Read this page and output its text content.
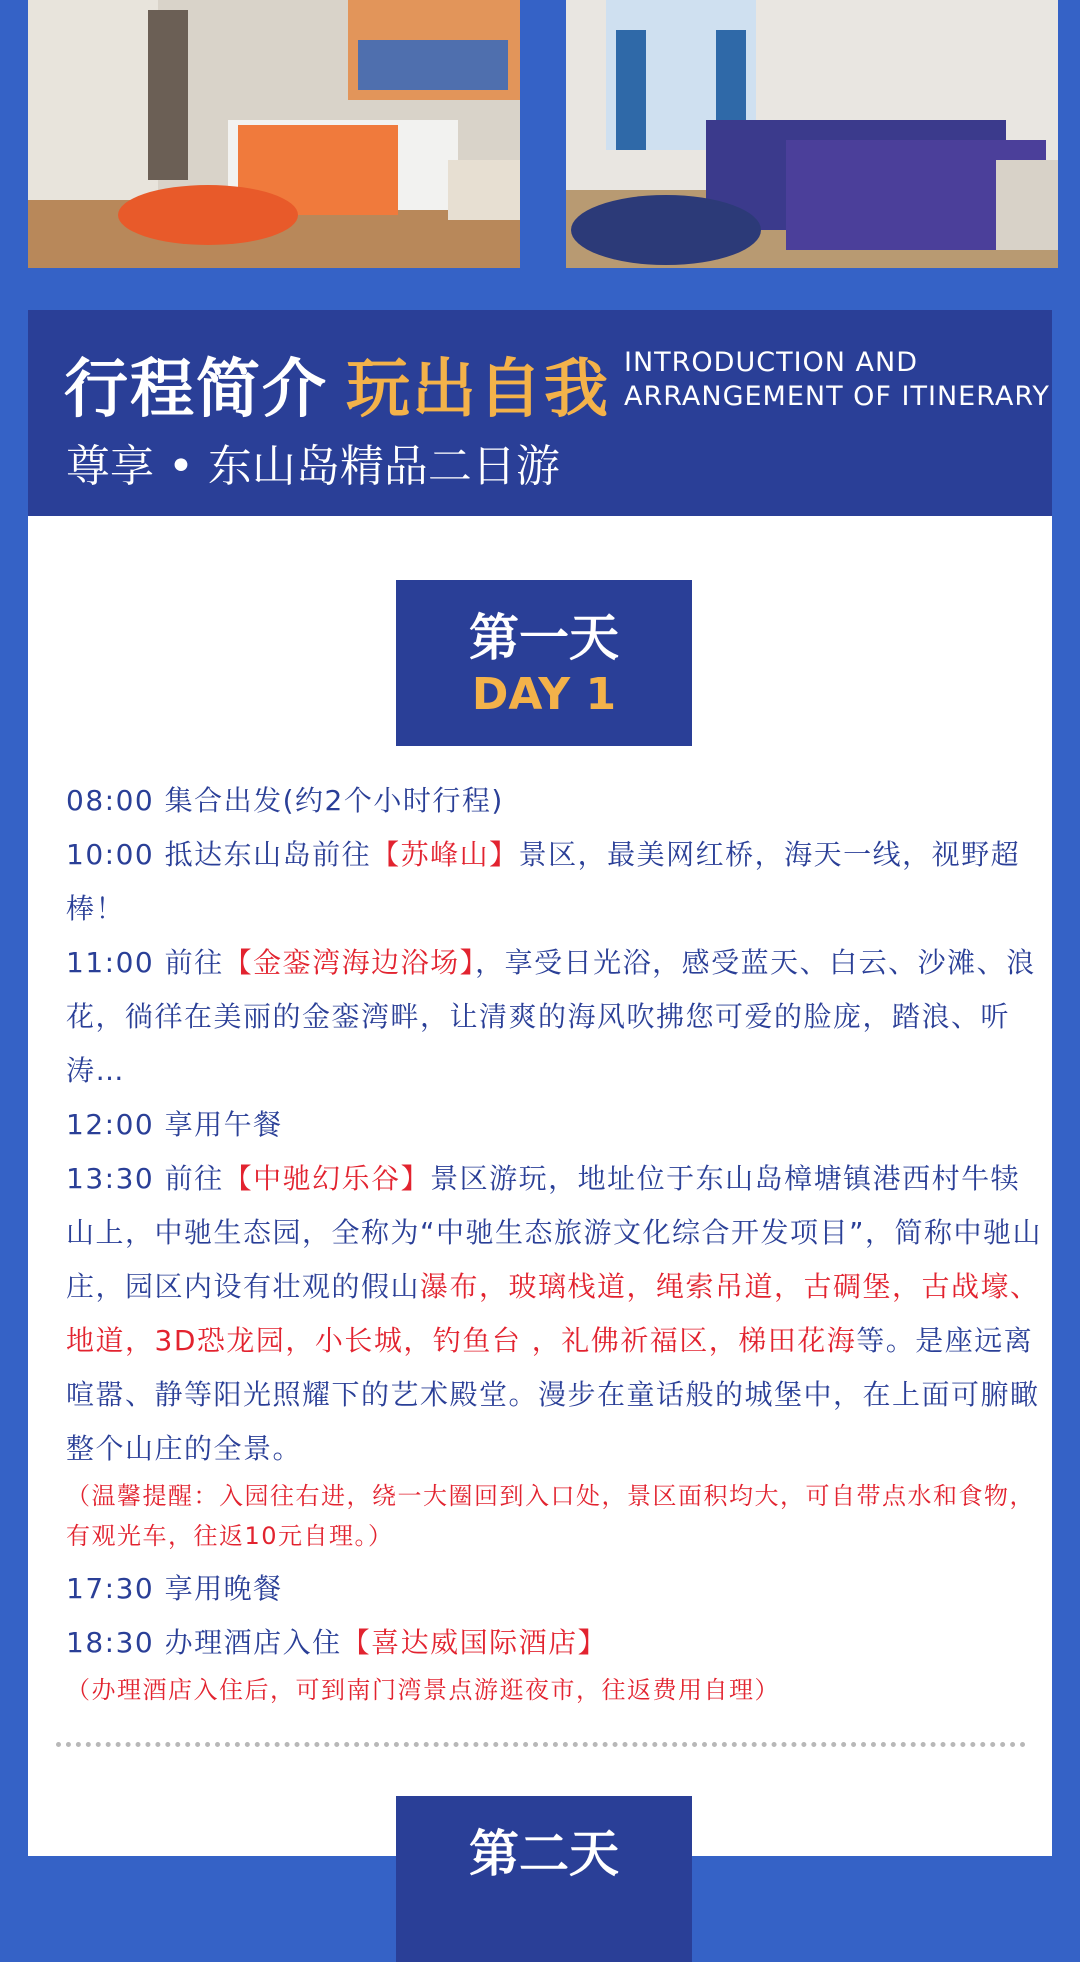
行程简介 玩出自我 INTRODUCTION AND
ARRANGEMENT OF ITINERARY
尊享 • 东山岛精品二日游
第一天
DAY 1

08:00 集合出发(约2个小时行程)

10:00 抵达东山岛前往【苏峰山】景区，最美网红桥，海天一线，视野超棒！

11:00 前往【金銮湾海边浴场】，享受日光浴，感受蓝天、白云、沙滩、浪花，徜徉在美丽的金銮湾畔，让清爽的海风吹拂您可爱的脸庞，踏浪、听涛…

12:00 享用午餐

13:30 前往【中驰幻乐谷】景区游玩，地址位于东山岛樟塘镇港西村牛犊山上，中驰生态园，全称为“中驰生态旅游文化综合开发项目”，简称中驰山庄，园区内设有壮观的假山瀑布，玻璃栈道，绳索吊道，古碉堡，古战壕、地道，3D恐龙园，小长城，钓鱼台 ，礼佛祈福区，梯田花海等。是座远离喧嚣、静等阳光照耀下的艺术殿堂。漫步在童话般的城堡中，在上面可腑瞰整个山庄的全景。

（温馨提醒：入园往右进，绕一大圈回到入口处，景区面积均大，可自带点水和食物，有观光车，往返10元自理。）

17:30 享用晚餐

18:30 办理酒店入住【喜达威国际酒店】

（办理酒店入住后，可到南门湾景点游逛夜市，往返费用自理）

第二天
